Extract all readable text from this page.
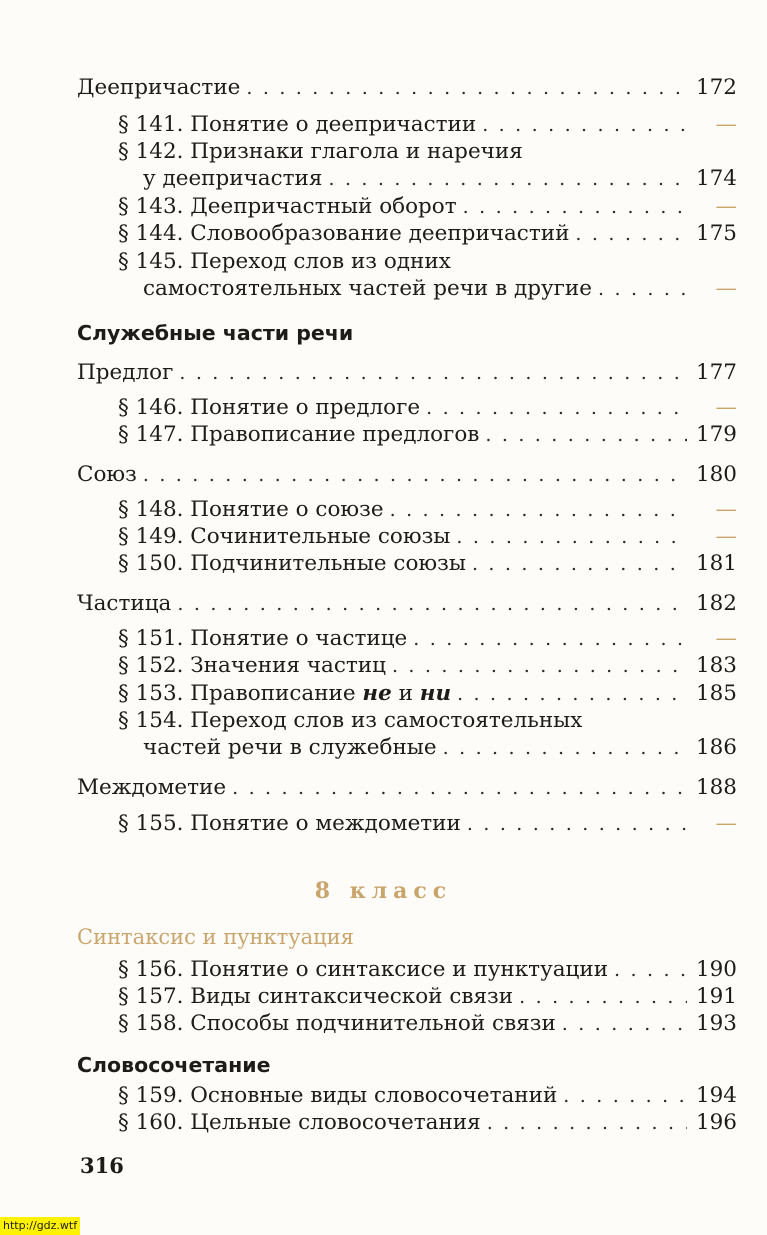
Деепричастие . . .	172
§ 141. Понятие о деепричастии . . .	—
§ 142. Признаки глагола и наречия
у деепричастия . . .	174
§ 143. Деепричастный оборот . . .	—
§ 144. Словообразование деепричастий . . .	175
§ 145. Переход слов из одних
самостоятельных частей речи в другие . . .	—
Служебные части речи
Предлог . . .	177
§ 146. Понятие о предлоге . . .	—
§ 147. Правописание предлогов . . .	179
Союз . . .	180
§ 148. Понятие о союзе . . .	—
§ 149. Сочинительные союзы . . .	—
§ 150. Подчинительные союзы . . .	181
Частица . . .	182
§ 151. Понятие о частице . . .	—
§ 152. Значения частиц . . .	183
§ 153. Правописание не и ни . . .	185
§ 154. Переход слов из самостоятельных
частей речи в служебные . . .	186
Междометие . . .	188
§ 155. Понятие о междометии . . .	—
8 класс
Синтаксис и пунктуация
§ 156. Понятие о синтаксисе и пунктуации . . .	190
§ 157. Виды синтаксической связи . . .	191
§ 158. Способы подчинительной связи . . .	193
Словосочетание
§ 159. Основные виды словосочетаний . . .	194
§ 160. Цельные словосочетания . . .	196
316
http://gdz.wtf
